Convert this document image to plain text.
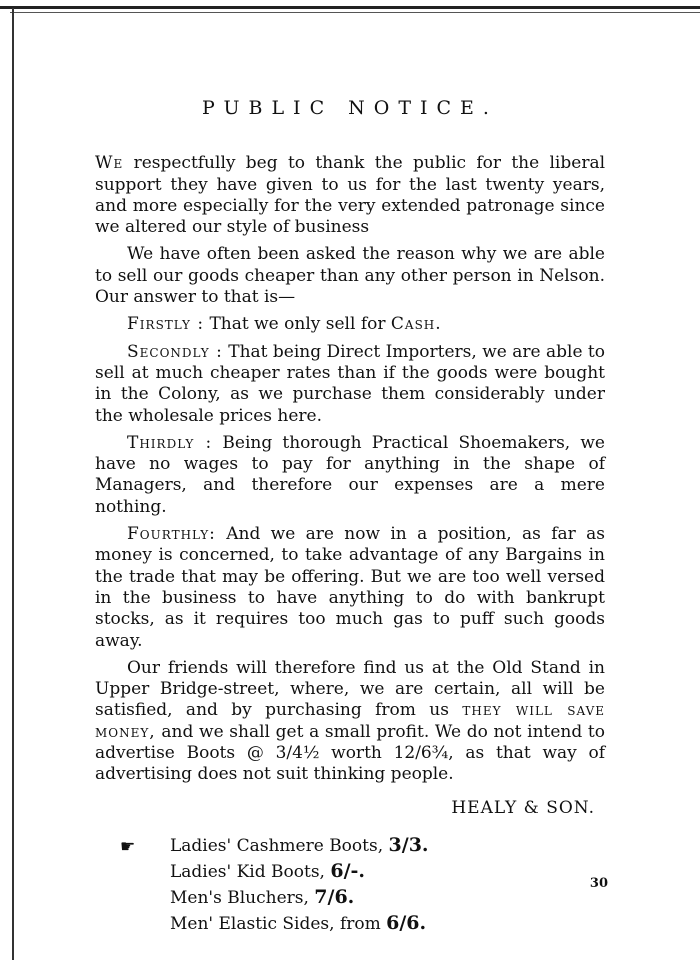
PUBLIC NOTICE.

We respectfully beg to thank the public for the liberal support they have given to us for the last twenty years, and more especially for the very extended patronage since we altered our style of business

We have often been asked the reason why we are able to sell our goods cheaper than any other person in Nelson. Our answer to that is—

Firstly : That we only sell for Cash.

Secondly : That being Direct Importers, we are able to sell at much cheaper rates than if the goods were bought in the Colony, as we purchase them considerably under the wholesale prices here.

Thirdly : Being thorough Practical Shoemakers, we have no wages to pay for anything in the shape of Managers, and therefore our expenses are a mere nothing.

Fourthly: And we are now in a position, as far as money is concerned, to take advantage of any Bargains in the trade that may be offering. But we are too well versed in the business to have anything to do with bankrupt stocks, as it requires too much gas to puff such goods away.

Our friends will therefore find us at the Old Stand in Upper Bridge-street, where, we are certain, all will be satisfied, and by purchasing from us they will save money, and we shall get a small profit. We do not intend to advertise Boots @ 3/4½ worth 12/6¾, as that way of advertising does not suit thinking people.

HEALY & SON.
☛ Ladies' Cashmere Boots, 3/3.
Ladies' Kid Boots, 6/-.
Men's Bluchers, 7/6.
Men' Elastic Sides, from 6/6.
30
